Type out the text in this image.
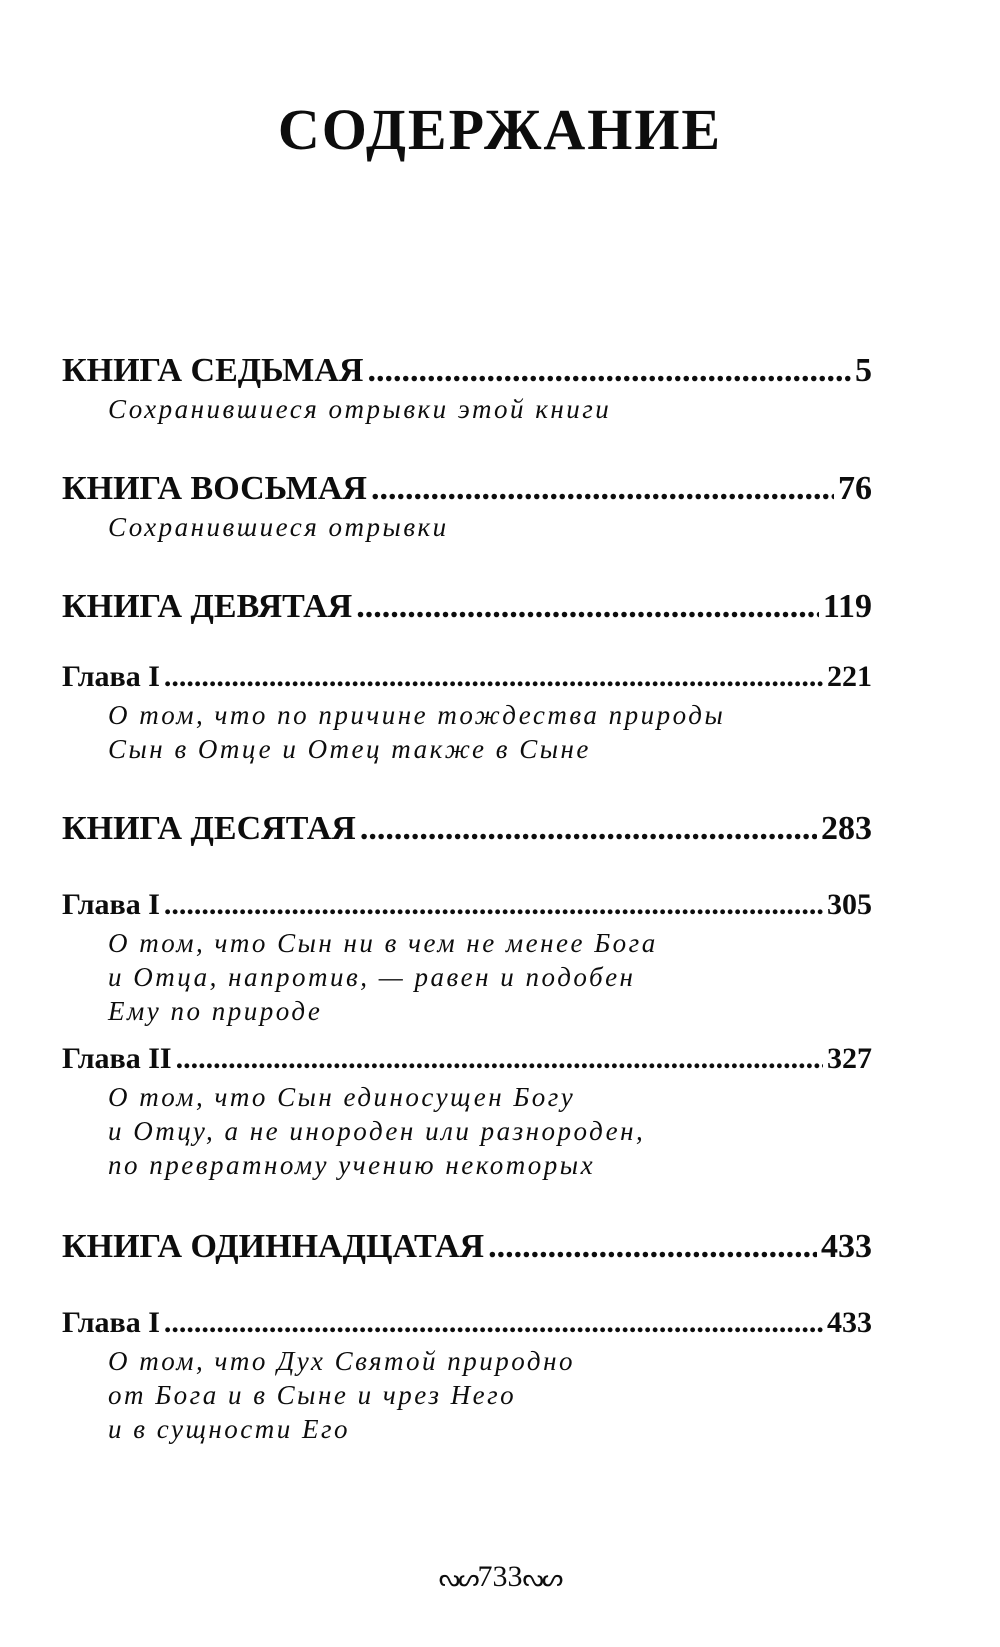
СОДЕРЖАНИЕ
КНИГА СЕДЬМАЯ .....	5
Сохранившиеся отрывки этой книги
КНИГА ВОСЬМАЯ .....	76
Сохранившиеся отрывки
КНИГА ДЕВЯТАЯ .....	119
Глава I .....	221
О том, что по причине тождества природы
Сын в Отце и Отец также в Сыне
КНИГА ДЕСЯТАЯ .....	283
Глава I .....	305
О том, что Сын ни в чем не менее Бога
и Отца, напротив, — равен и подобен
Ему по природе
Глава II .....	327
О том, что Сын единосущен Богу
и Отцу, а не инороден или разнороден,
по превратному учению некоторых
КНИГА ОДИННАДЦАТАЯ .....	433
Глава I .....	433
О том, что Дух Святой природно
от Бога и в Сыне и чрез Него
и в сущности Его
ᔓᔕ733ᔓᔕ
